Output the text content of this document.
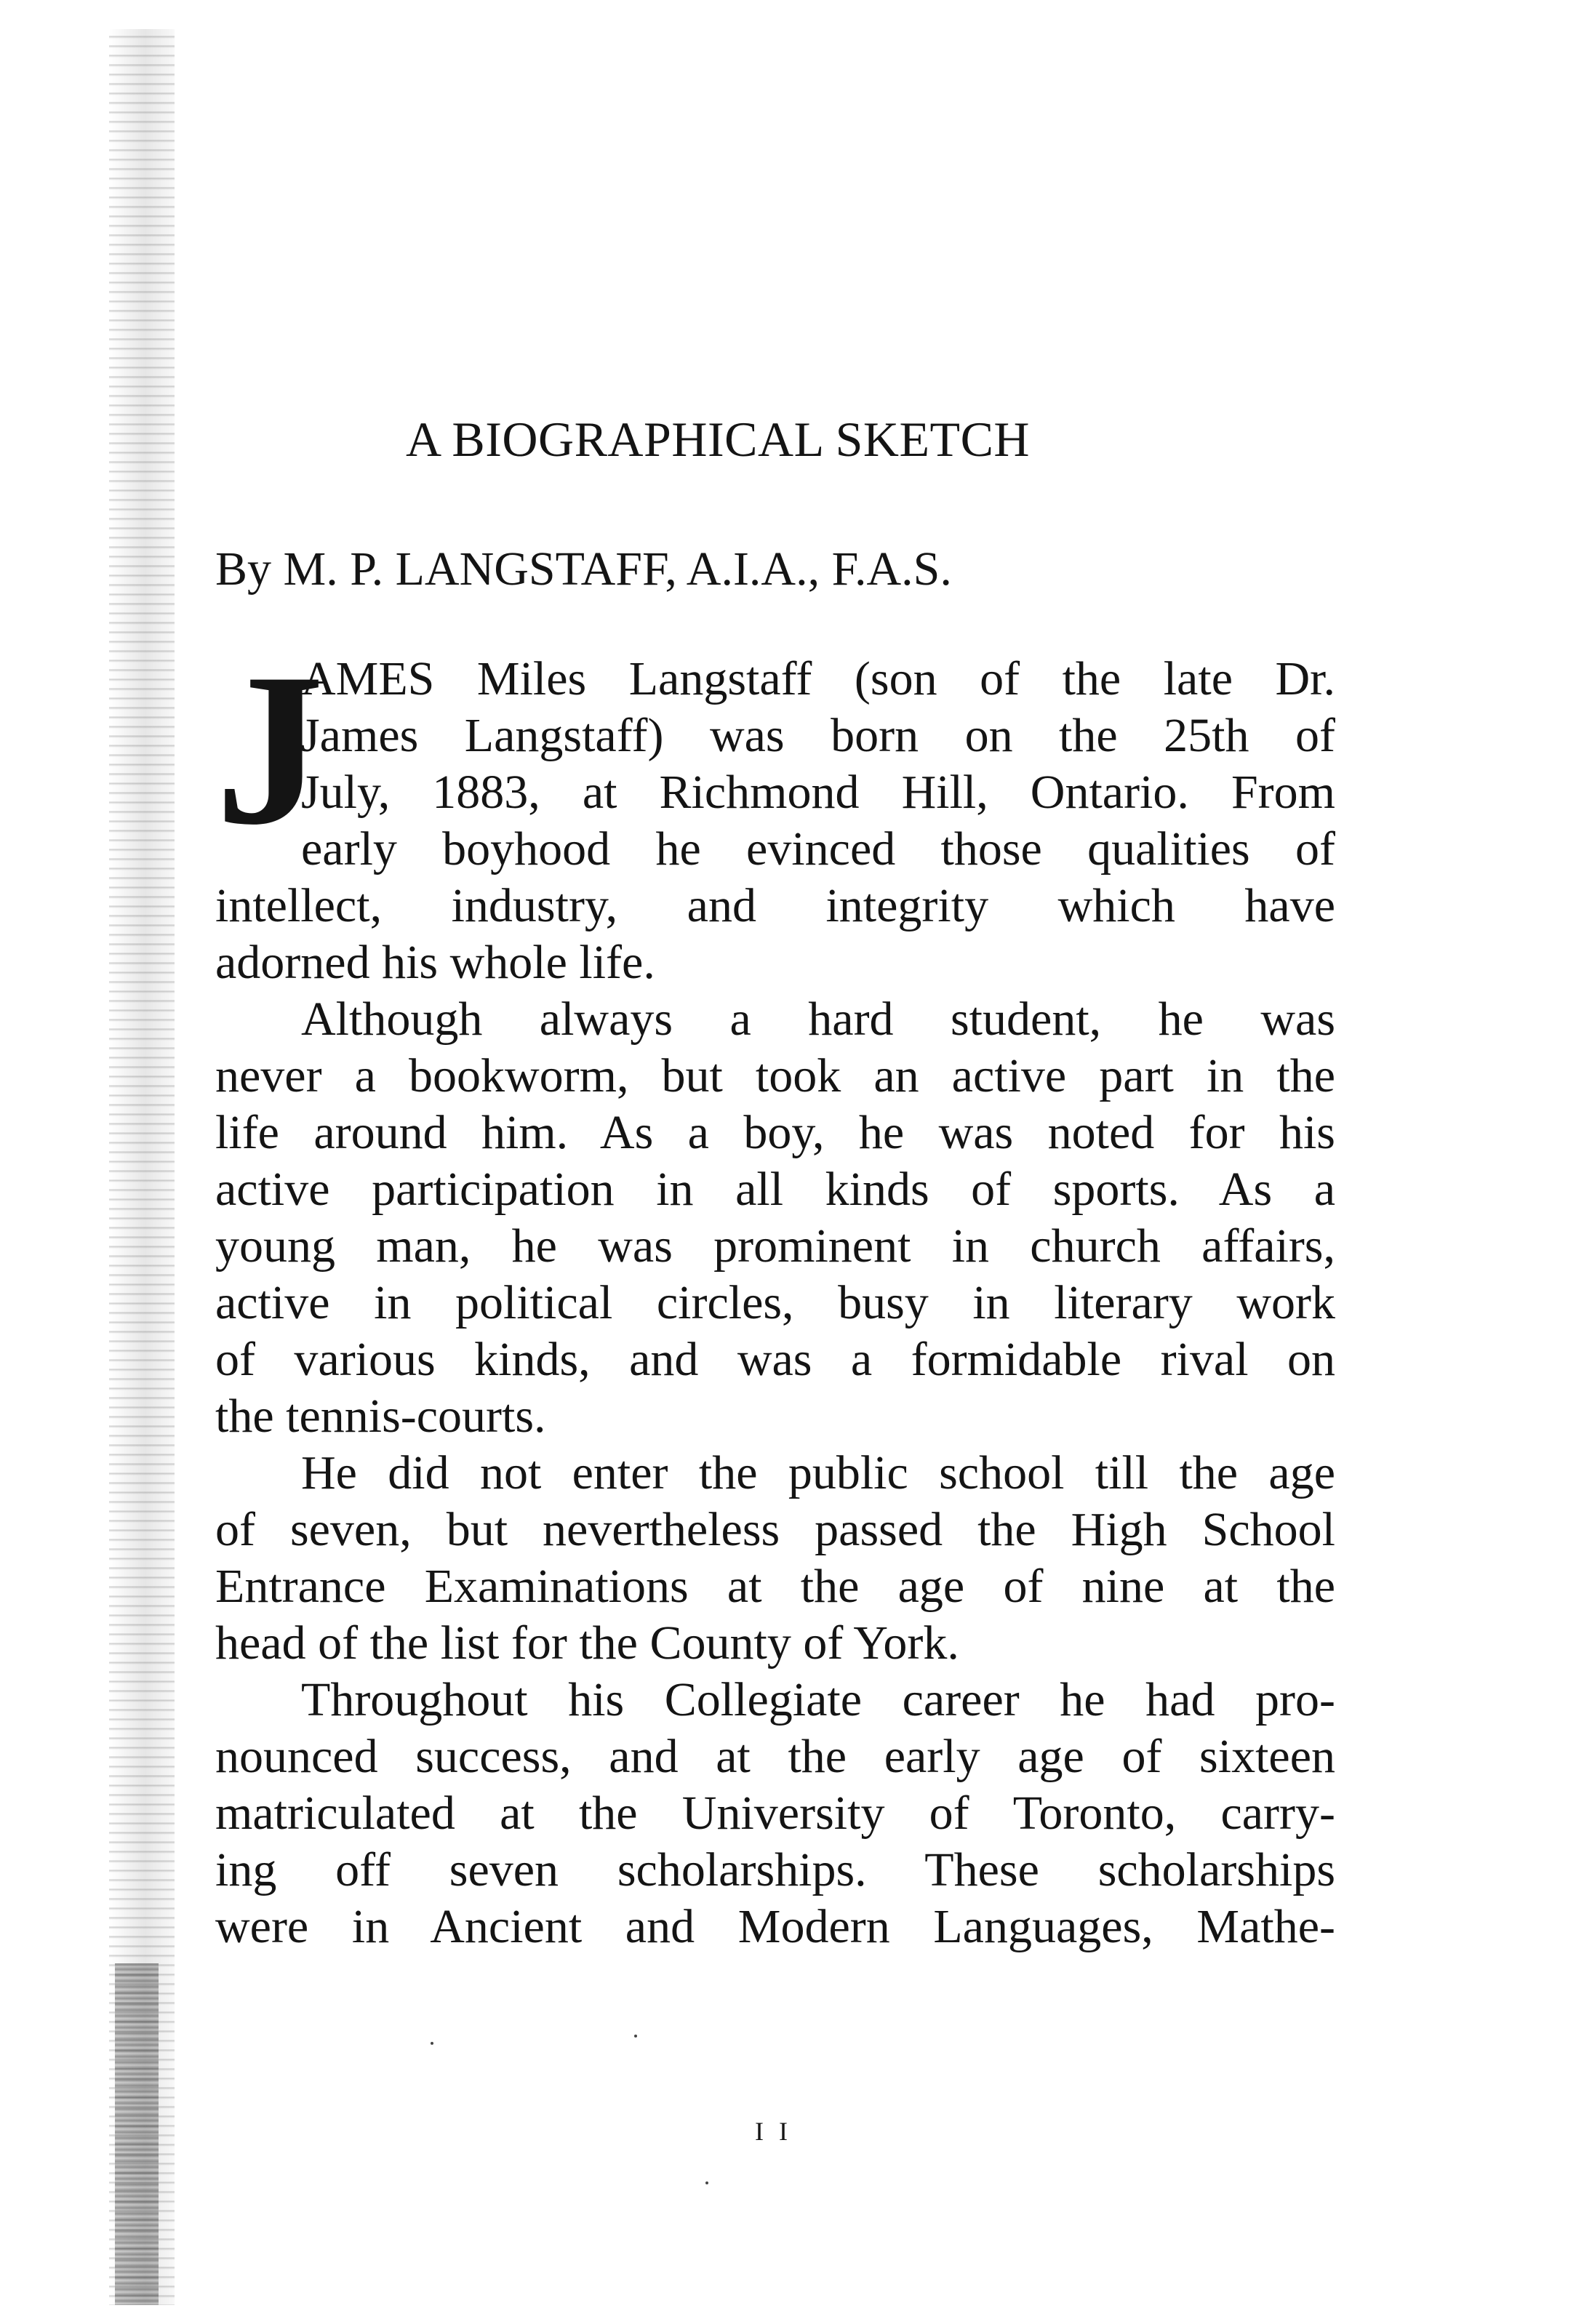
A BIOGRAPHICAL SKETCH
By M. P. LANGSTAFF, A.I.A., F.A.S.
J
AMES Miles Langstaff (son of the late Dr.
James Langstaff) was born on the 25th of
July, 1883, at Richmond Hill, Ontario. From
early boyhood he evinced those qualities of
intellect, industry, and integrity which have
adorned his whole life.
Although always a hard student, he was
never a bookworm, but took an active part in the
life around him. As a boy, he was noted for his
active participation in all kinds of sports. As a
young man, he was prominent in church affairs,
active in political circles, busy in literary work
of various kinds, and was a formidable rival on
the tennis-courts.
He did not enter the public school till the age
of seven, but nevertheless passed the High School
Entrance Examinations at the age of nine at the
head of the list for the County of York.
Throughout his Collegiate career he had pro-
nounced success, and at the early age of sixteen
matriculated at the University of Toronto, carry-
ing off seven scholarships. These scholarships
were in Ancient and Modern Languages, Mathe-
I I
